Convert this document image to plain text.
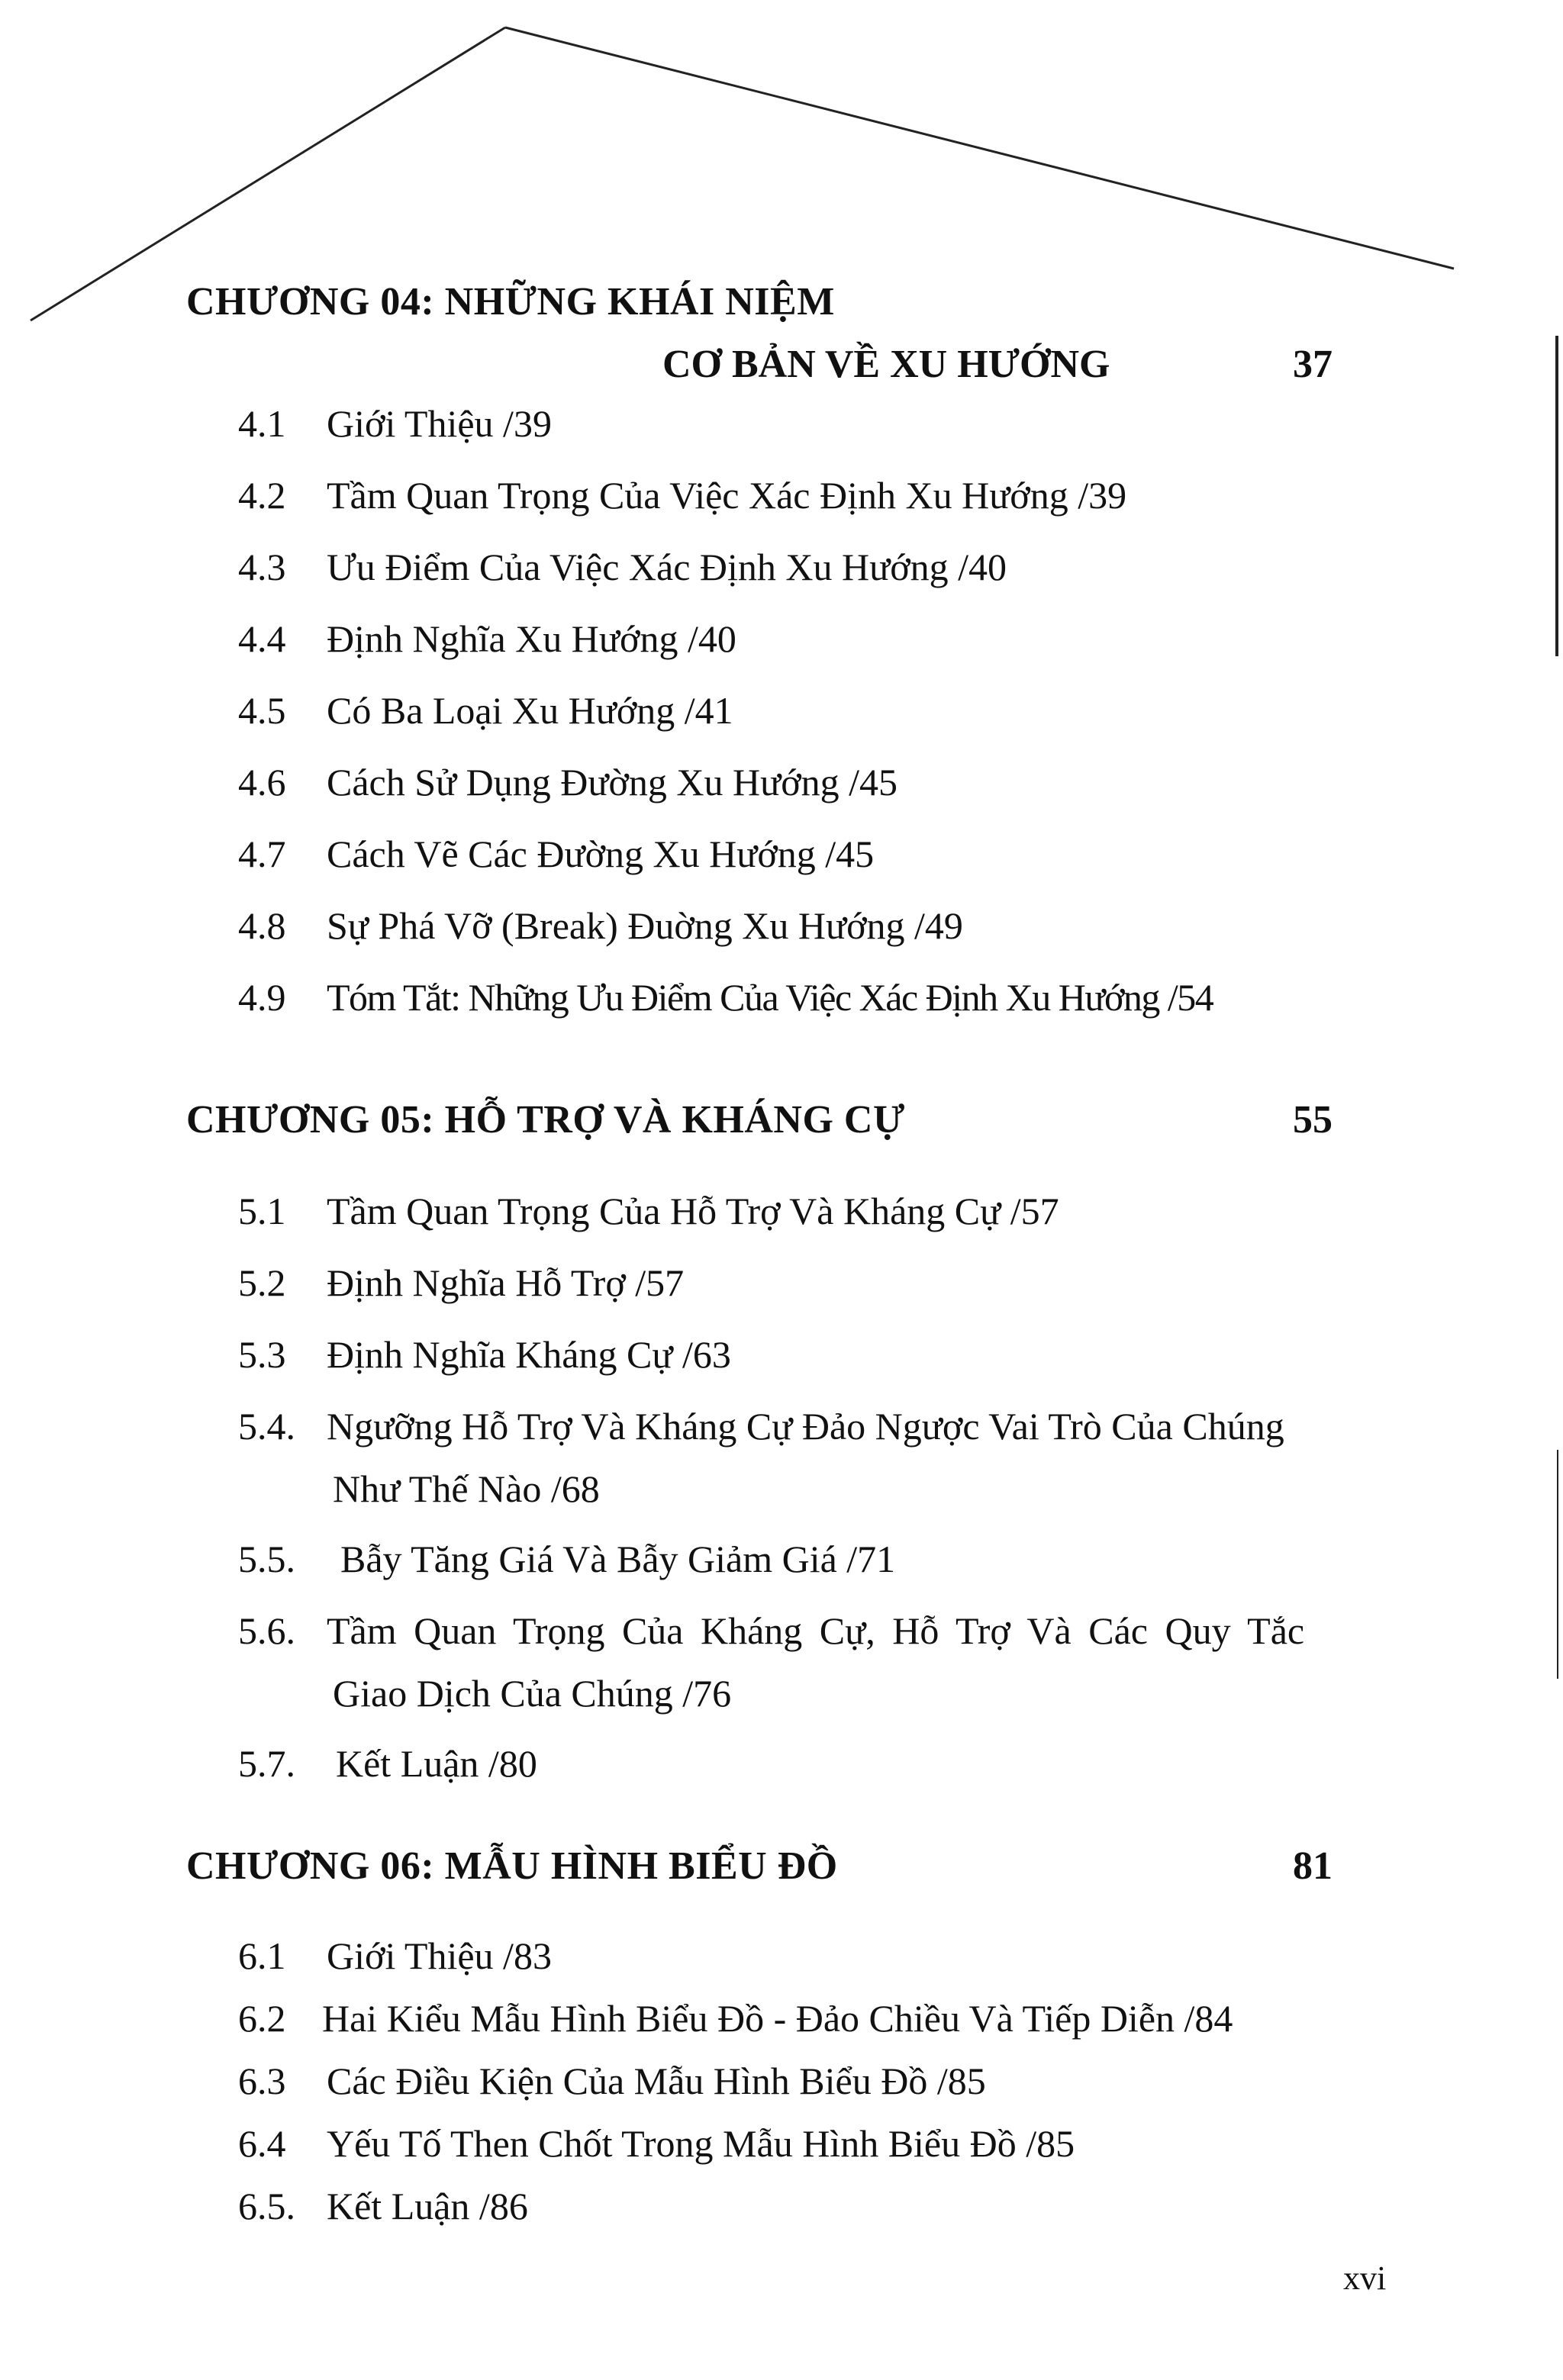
CHƯƠNG 04: NHỮNG KHÁI NIỆM
CƠ BẢN VỀ XU HƯỚNG	37
4.1 Giới Thiệu /39
4.2 Tầm Quan Trọng Của Việc Xác Định Xu Hướng /39
4.3 Ưu Điểm Của Việc Xác Định Xu Hướng /40
4.4 Định Nghĩa Xu Hướng /40
4.5 Có Ba Loại Xu Hướng /41
4.6 Cách Sử Dụng Đường Xu Hướng /45
4.7 Cách Vẽ Các Đường Xu Hướng /45
4.8 Sự Phá Vỡ (Break) Đuờng Xu Hướng /49
4.9 Tóm Tắt: Những Ưu Điểm Của Việc Xác Định Xu Hướng /54
CHƯƠNG 05: HỖ TRỢ VÀ KHÁNG CỰ	55
5.1 Tầm Quan Trọng Của Hỗ Trợ Và Kháng Cự /57
5.2 Định Nghĩa Hỗ Trợ /57
5.3 Định Nghĩa Kháng Cự /63
5.4. Ngưỡng Hỗ Trợ Và Kháng Cự Đảo Ngược Vai Trò Của Chúng
Như Thế Nào /68
5.5. Bẫy Tăng Giá Và Bẫy Giảm Giá /71
5.6. Tầm Quan Trọng Của Kháng Cự, Hỗ Trợ Và Các Quy Tắc
Giao Dịch Của Chúng /76
5.7. Kết Luận /80
CHƯƠNG 06: MẪU HÌNH BIỂU ĐỒ	81
6.1 Giới Thiệu /83
6.2 Hai Kiểu Mẫu Hình Biểu Đồ - Đảo Chiều Và Tiếp Diễn /84
6.3 Các Điều Kiện Của Mẫu Hình Biểu Đồ /85
6.4 Yếu Tố Then Chốt Trong Mẫu Hình Biểu Đồ /85
6.5. Kết Luận /86
xvi
